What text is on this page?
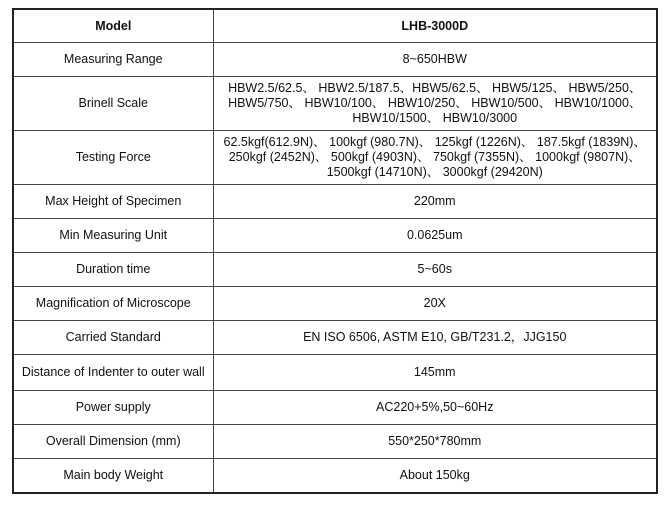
Model	LHB-3000D
Measuring Range	8~650HBW
Brinell Scale	HBW2.5/62.5、 HBW2.5/187.5、HBW5/62.5、 HBW5/125、 HBW5/250、 HBW5/750、 HBW10/100、 HBW10/250、 HBW10/500、 HBW10/1000、 HBW10/1500、 HBW10/3000
Testing Force	62.5kgf(612.9N)、 100kgf (980.7N)、 125kgf (1226N)、 187.5kgf (1839N)、 250kgf (2452N)、 500kgf (4903N)、 750kgf (7355N)、 1000kgf (9807N)、 1500kgf (14710N)、 3000kgf (29420N)
Max Height of Specimen	220mm
Min Measuring Unit	0.0625um
Duration time	5~60s
Magnification of Microscope	20X
Carried Standard	EN ISO 6506, ASTM E10, GB/T231.2，JJG150
Distance of Indenter to outer wall	145mm
Power supply	AC220+5%,50~60Hz
Overall Dimension (mm)	550*250*780mm
Main body Weight	About 150kg
